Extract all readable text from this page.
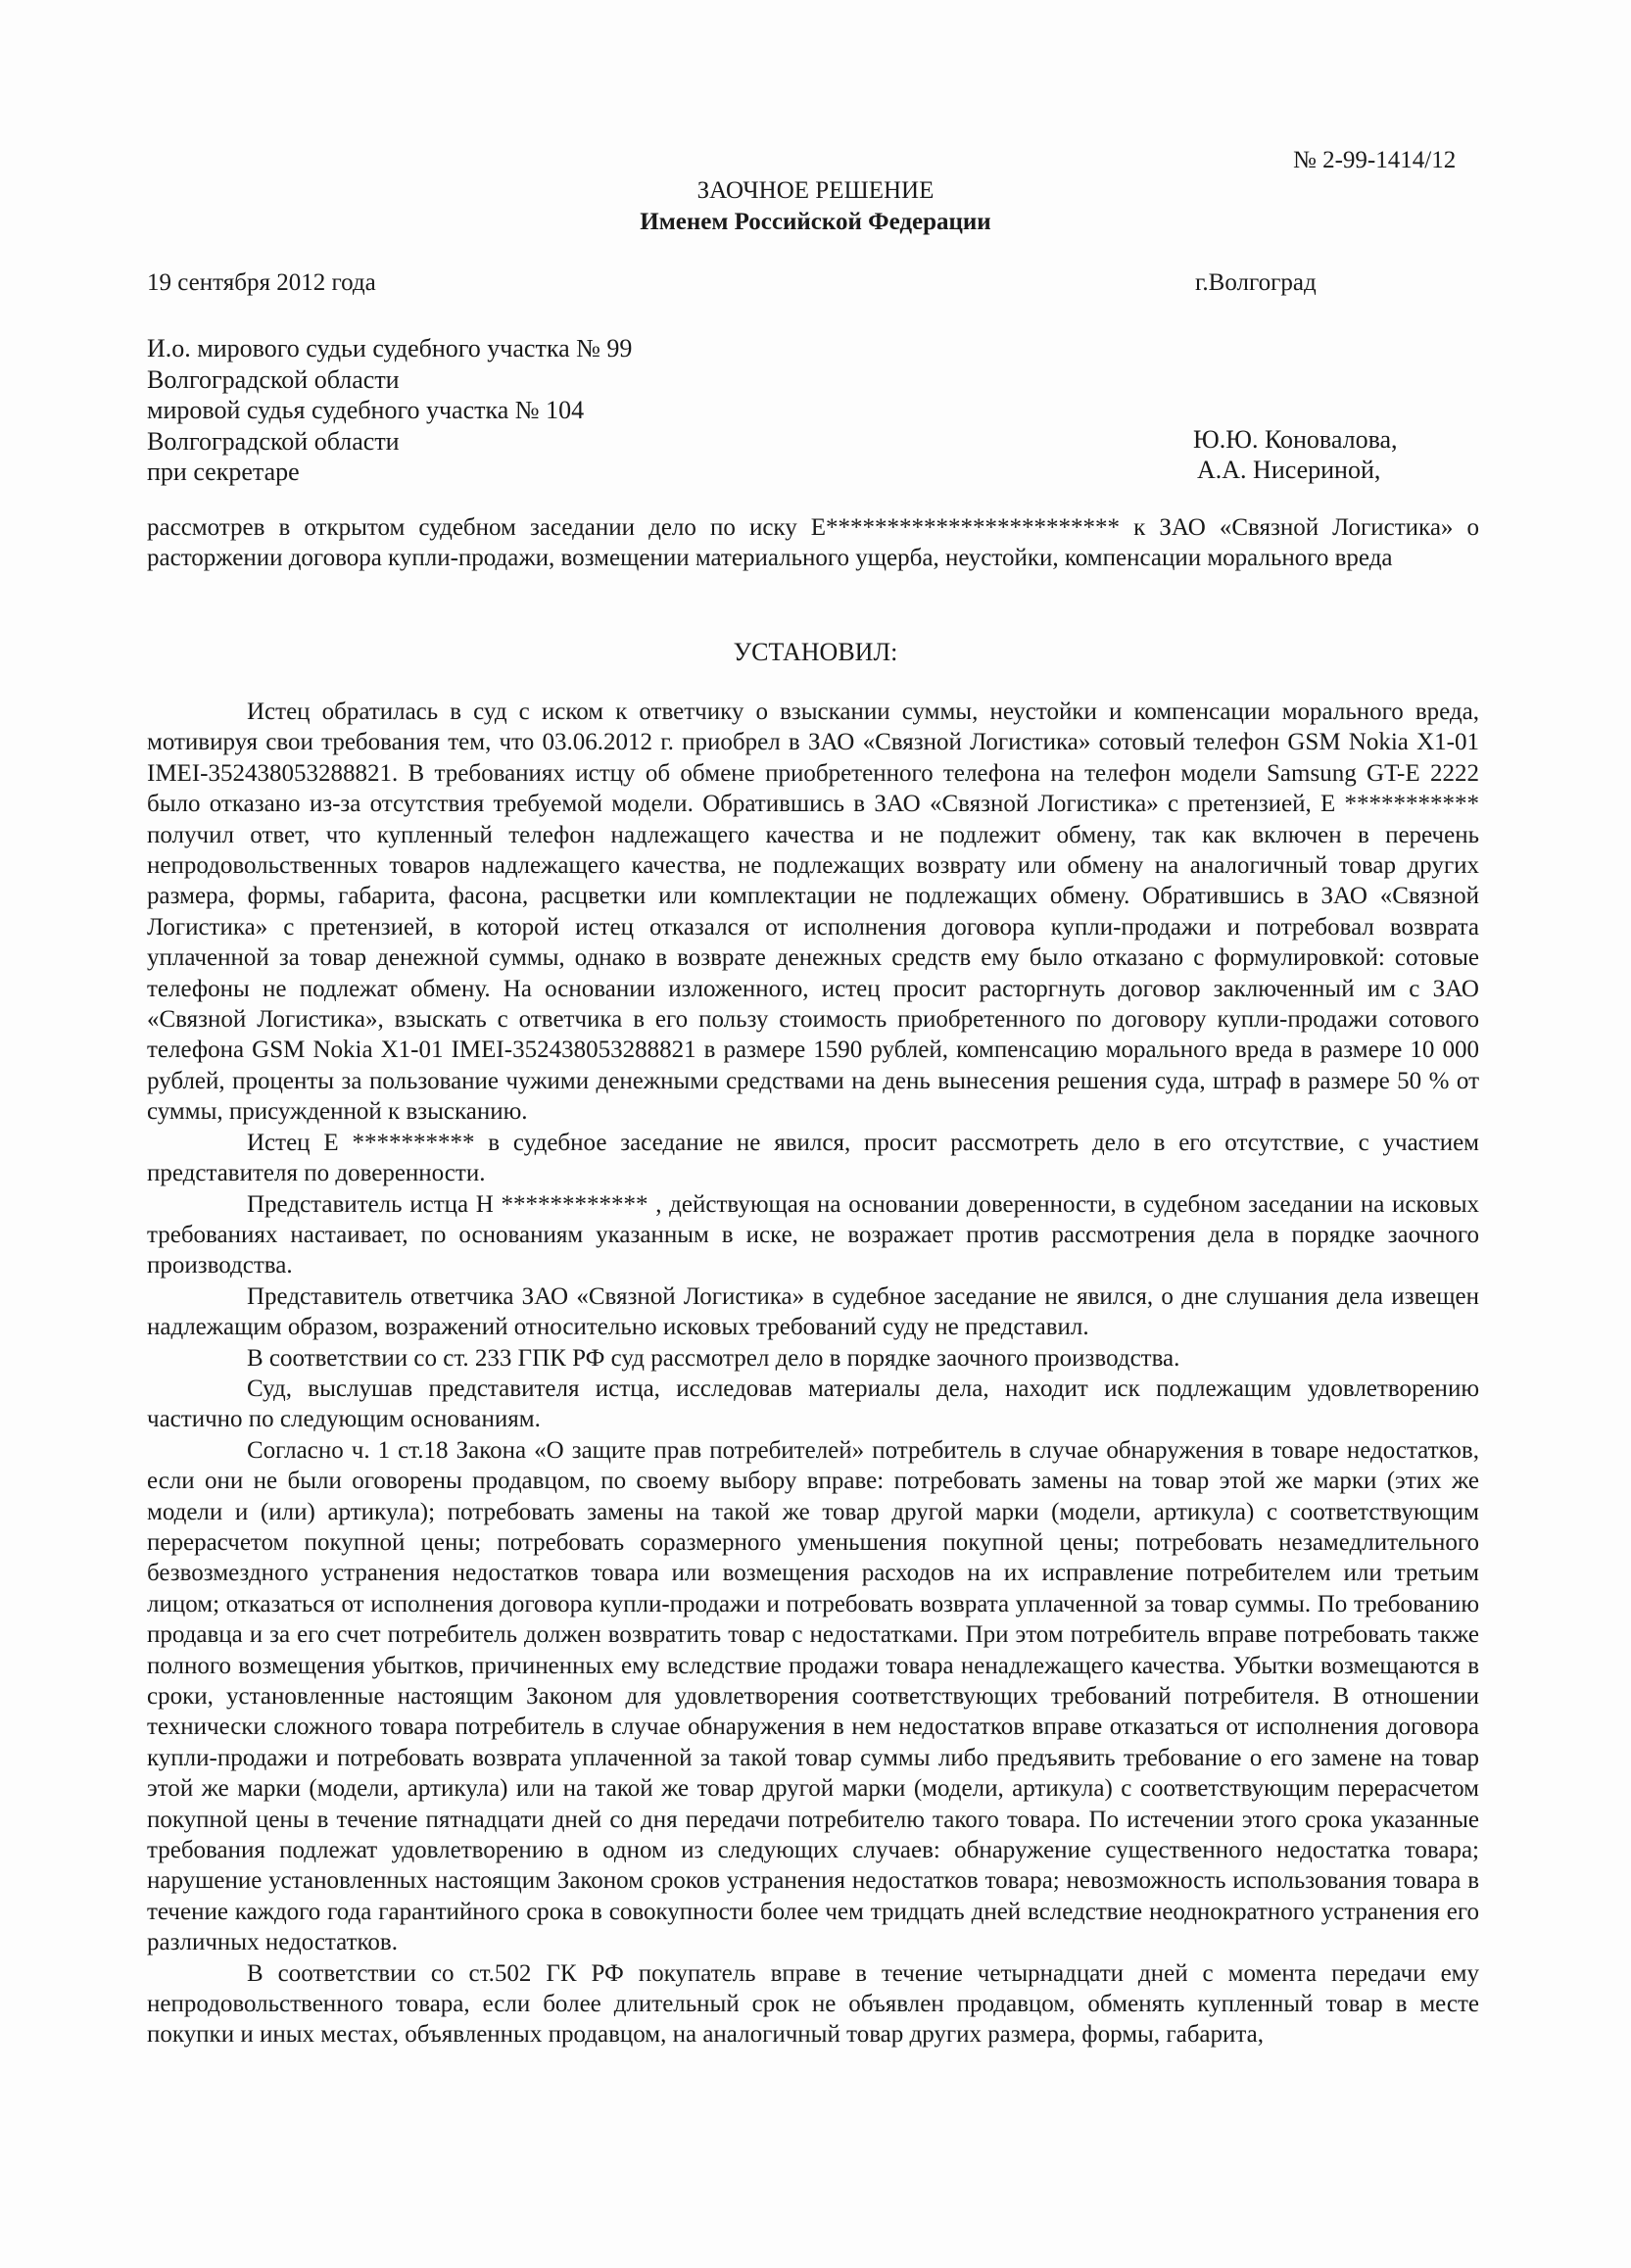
№ 2-99-1414/12
ЗАОЧНОЕ РЕШЕНИЕ
Именем Российской Федерации
19 сентября 2012 года	г.Волгоград
И.о. мирового судьи судебного участка № 99
Волгоградской области
мировой судья судебного участка № 104
Волгоградской области
при секретаре
Ю.Ю. Коновалова,
А.А. Нисериной,

рассмотрев в открытом судебном заседании дело по иску Е************************ к ЗАО «Связной Логистика» о расторжении договора купли-продажи, возмещении материального ущерба, неустойки, компенсации морального вреда

УСТАНОВИЛ:

Истец обратилась в суд с иском к ответчику о взыскании суммы, неустойки и компенсации морального вреда, мотивируя свои требования тем, что 03.06.2012 г. приобрел в ЗАО «Связной Логистика» сотовый телефон GSM Nokia X1-01 IMEI-352438053288821. В требованиях истцу об обмене приобретенного телефона на телефон модели Samsung GT-E 2222 было отказано из-за отсутствия требуемой модели. Обратившись в ЗАО «Связной Логистика» с претензией, Е *********** получил ответ, что купленный телефон надлежащего качества и не подлежит обмену, так как включен в перечень непродовольственных товаров надлежащего качества, не подлежащих возврату или обмену на аналогичный товар других размера, формы, габарита, фасона, расцветки или комплектации не подлежащих обмену. Обратившись в ЗАО «Связной Логистика» с претензией, в которой истец отказался от исполнения договора купли-продажи и потребовал возврата уплаченной за товар денежной суммы, однако в возврате денежных средств ему было отказано с формулировкой: сотовые телефоны не подлежат обмену. На основании изложенного, истец просит расторгнуть договор заключенный им с ЗАО «Связной Логистика», взыскать с ответчика в его пользу стоимость приобретенного по договору купли-продажи сотового телефона GSM Nokia X1-01 IMEI-352438053288821 в размере 1590 рублей, компенсацию морального вреда в размере 10 000 рублей, проценты за пользование чужими денежными средствами на день вынесения решения суда, штраф в размере 50 % от суммы, присужденной к взысканию.

Истец Е ********** в судебное заседание не явился, просит рассмотреть дело в его отсутствие, с участием представителя по доверенности.

Представитель истца Н ************ , действующая на основании доверенности, в судебном заседании на исковых требованиях настаивает, по основаниям указанным в иске, не возражает против рассмотрения дела в порядке заочного производства.

Представитель ответчика ЗАО «Связной Логистика» в судебное заседание не явился, о дне слушания дела извещен надлежащим образом, возражений относительно исковых требований суду не представил.

В соответствии со ст. 233 ГПК РФ суд рассмотрел дело в порядке заочного производства.

Суд, выслушав представителя истца, исследовав материалы дела, находит иск подлежащим удовлетворению частично по следующим основаниям.

Согласно ч. 1 ст.18 Закона «О защите прав потребителей» потребитель в случае обнаружения в товаре недостатков, если они не были оговорены продавцом, по своему выбору вправе: потребовать замены на товар этой же марки (этих же модели и (или) артикула); потребовать замены на такой же товар другой марки (модели, артикула) с соответствующим перерасчетом покупной цены; потребовать соразмерного уменьшения покупной цены; потребовать незамедлительного безвозмездного устранения недостатков товара или возмещения расходов на их исправление потребителем или третьим лицом; отказаться от исполнения договора купли-продажи и потребовать возврата уплаченной за товар суммы. По требованию продавца и за его счет потребитель должен возвратить товар с недостатками. При этом потребитель вправе потребовать также полного возмещения убытков, причиненных ему вследствие продажи товара ненадлежащего качества. Убытки возмещаются в сроки, установленные настоящим Законом для удовлетворения соответствующих требований потребителя. В отношении технически сложного товара потребитель в случае обнаружения в нем недостатков вправе отказаться от исполнения договора купли-продажи и потребовать возврата уплаченной за такой товар суммы либо предъявить требование о его замене на товар этой же марки (модели, артикула) или на такой же товар другой марки (модели, артикула) с соответствующим перерасчетом покупной цены в течение пятнадцати дней со дня передачи потребителю такого товара. По истечении этого срока указанные требования подлежат удовлетворению в одном из следующих случаев: обнаружение существенного недостатка товара; нарушение установленных настоящим Законом сроков устранения недостатков товара; невозможность использования товара в течение каждого года гарантийного срока в совокупности более чем тридцать дней вследствие неоднократного устранения его различных недостатков.

В соответствии со ст.502 ГК РФ покупатель вправе в течение четырнадцати дней с момента передачи ему непродовольственного товара, если более длительный срок не объявлен продавцом, обменять купленный товар в месте покупки и иных местах, объявленных продавцом, на аналогичный товар других размера, формы, габарита,
